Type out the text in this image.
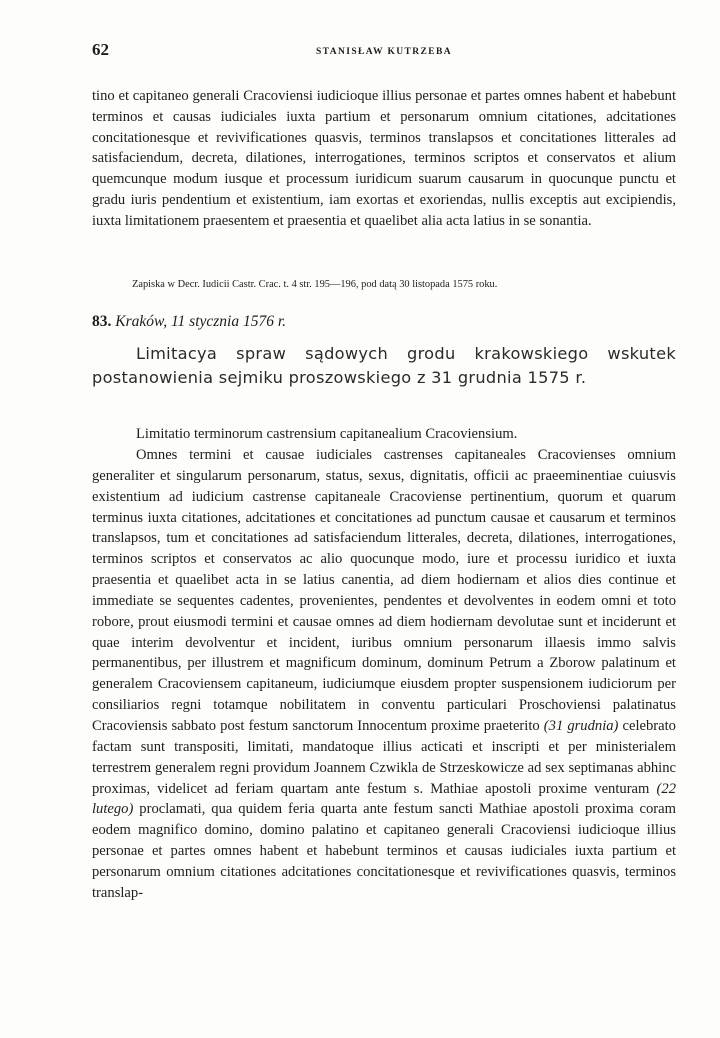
62	STANISŁAW KUTRZEBA

tino et capitaneo generali Cracoviensi iudicioque illius personae et partes omnes habent et habebunt terminos et causas iudiciales iuxta partium et personarum omnium citationes, adcitationes concitationesque et revivificationes quasvis, terminos translapsos et concitationes litterales ad satisfaciendum, decreta, dilationes, interrogationes, terminos scriptos et conservatos et alium quemcunque modum iusque et processum iuridicum suarum causarum in quocunque punctu et gradu iuris pendentium et existentium, iam exortas et exoriendas, nullis exceptis aut excipiendis, iuxta limitationem praesentem et praesentia et quaelibet alia acta latius in se sonantia.

Zapiska w Decr. Iudicii Castr. Crac. t. 4 str. 195—196, pod datą 30 listopada 1575 roku.

83. Kraków, 11 stycznia 1576 r.

Limitacya spraw sądowych grodu krakowskiego wskutek postanowienia sejmiku proszowskiego z 31 grudnia 1575 r.

Limitatio terminorum castrensium capitanealium Cracoviensium.

Omnes termini et causae iudiciales castrenses capitaneales Cracovienses omnium generaliter et singularum personarum, status, sexus, dignitatis, officii ac praeeminentiae cuiusvis existentium ad iudicium castrense capitaneale Cracoviense pertinentium, quorum et quarum terminus iuxta citationes, adcitationes et concitationes ad punctum causae et causarum et terminos translapsos, tum et concitationes ad satisfaciendum litterales, decreta, dilationes, interrogationes, terminos scriptos et conservatos ac alio quocunque modo, iure et processu iuridico et iuxta praesentia et quaelibet acta in se latius canentia, ad diem hodiernam et alios dies continue et immediate se sequentes cadentes, provenientes, pendentes et devolventes in eodem omni et toto robore, prout eiusmodi termini et causae omnes ad diem hodiernam devolutae sunt et inciderunt et quae interim devolventur et incident, iuribus omnium personarum illaesis immo salvis permanentibus, per illustrem et magnificum dominum, dominum Petrum a Zborow palatinum et generalem Cracoviensem capitaneum, iudiciumque eiusdem propter suspensionem iudiciorum per consiliarios regni totamque nobilitatem in conventu particulari Proschoviensi palatinatus Cracoviensis sabbato post festum sanctorum Innocentum proxime praeterito (31 grudnia) celebrato factam sunt transpositi, limitati, mandatoque illius acticati et inscripti et per ministerialem terrestrem generalem regni providum Joannem Czwikla de Strzeskowicze ad sex septimanas abhinc proximas, videlicet ad feriam quartam ante festum s. Mathiae apostoli proxime venturam (22 lutego) proclamati, qua quidem feria quarta ante festum sancti Mathiae apostoli proxima coram eodem magnifico domino, domino palatino et capitaneo generali Cracoviensi iudicioque illius personae et partes omnes habent et habebunt terminos et causas iudiciales iuxta partium et personarum omnium citationes adcitationes concitationesque et revivificationes quasvis, terminos translap-
